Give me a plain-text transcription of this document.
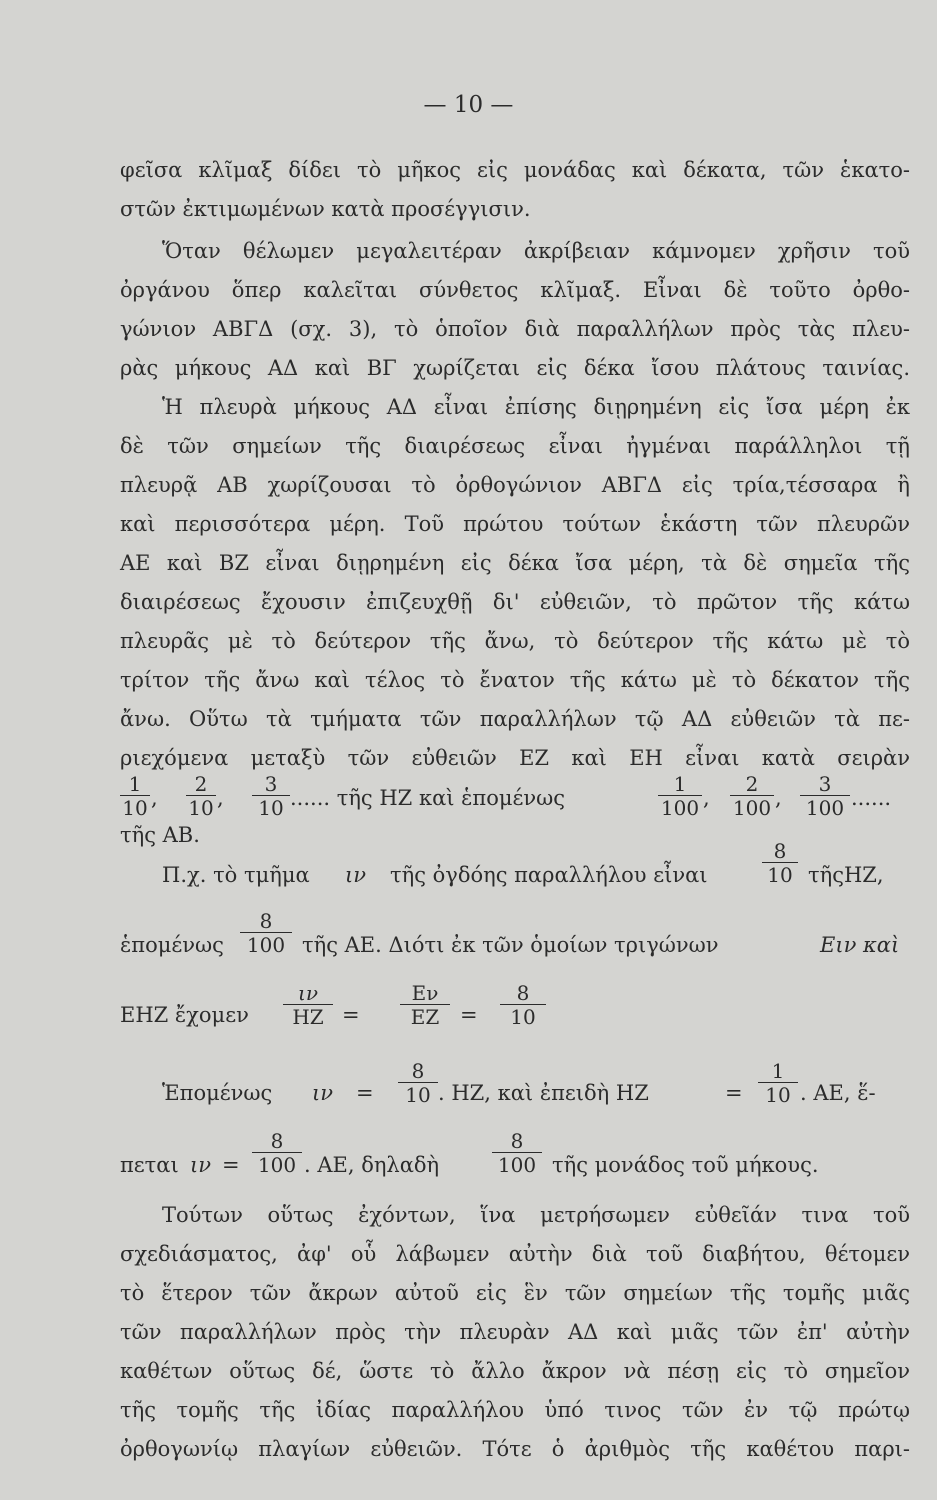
— 10 —
φεῖσα κλῖμαξ δίδει τὸ μῆκος εἰς μονάδας καὶ δέκατα, τῶν ἑκατο-
στῶν ἐκτιμωμένων κατὰ προσέγγισιν.
Ὅταν θέλωμεν μεγαλειτέραν ἀκρίβειαν κάμνομεν χρῆσιν τοῦ
ὀργάνου ὅπερ καλεῖται σύνθετος κλῖμαξ. Εἶναι δὲ τοῦτο ὀρθο-
γώνιον ΑΒΓΔ (σχ. 3), τὸ ὁποῖον διὰ παραλλήλων πρὸς τὰς πλευ-
ρὰς μήκους ΑΔ καὶ ΒΓ χωρίζεται εἰς δέκα ἴσου πλάτους ταινίας.
Ἡ πλευρὰ μήκους ΑΔ εἶναι ἐπίσης διῃρημένη εἰς ἴσα μέρη ἐκ
δὲ τῶν σημείων τῆς διαιρέσεως εἶναι ἠγμέναι παράλληλοι τῇ
πλευρᾷ ΑΒ χωρίζουσαι τὸ ὀρθογώνιον ΑΒΓΔ εἰς τρία,τέσσαρα ἢ
καὶ περισσότερα μέρη. Τοῦ πρώτου τούτων ἑκάστη τῶν πλευρῶν
ΑΕ καὶ ΒΖ εἶναι διῃρημένη εἰς δέκα ἴσα μέρη, τὰ δὲ σημεῖα τῆς
διαιρέσεως ἔχουσιν ἐπιζευχθῇ δι' εὐθειῶν, τὸ πρῶτον τῆς κάτω
πλευρᾶς μὲ τὸ δεύτερον τῆς ἄνω, τὸ δεύτερον τῆς κάτω μὲ τὸ
τρίτον τῆς ἄνω καὶ τέλος τὸ ἔνατον τῆς κάτω μὲ τὸ δέκατον τῆς
ἄνω. Οὕτω τὰ τμήματα τῶν παραλλήλων τῷ ΑΔ εὐθειῶν τὰ πε-
ριεχόμενα μεταξὺ τῶν εὐθειῶν ΕΖ καὶ ΕΗ εἶναι κατὰ σειρὰν
1
10 ,
2
10 ,
3
10 ...... τῆς ΗΖ καὶ ἑπομένως
1
100 ,
2
100 ,
3
100 ......
τῆς ΑΒ.
Π.χ. τὸ τμῆμα ιν τῆς ὀγδόης παραλλήλου εἶναι
8
10 τῆςΗΖ,
ἑπομένως
8
100 τῆς ΑΕ. Διότι ἐκ τῶν ὁμοίων τριγώνων	Ειν καὶ
ΕΗΖ ἔχομεν
ιν
ΗΖ =
Εν
ΕΖ =
8
10
Ἑπομένως ιν =
8
10 . ΗΖ, καὶ ἐπειδὴ ΗΖ	=
1
10 . ΑΕ, ἕ-
πεται ιν =
8
100 . ΑΕ, δηλαδὴ
8
100 τῆς μονάδος τοῦ μήκους.
Τούτων οὕτως ἐχόντων, ἵνα μετρήσωμεν εὐθεῖάν τινα τοῦ
σχεδιάσματος, ἀφ' οὗ λάβωμεν αὐτὴν διὰ τοῦ διαβήτου, θέτομεν
τὸ ἕτερον τῶν ἄκρων αὐτοῦ εἰς ἓν τῶν σημείων τῆς τομῆς μιᾶς
τῶν παραλλήλων πρὸς τὴν πλευρὰν ΑΔ καὶ μιᾶς τῶν ἐπ' αὐτὴν
καθέτων οὕτως δέ, ὥστε τὸ ἄλλο ἄκρον νὰ πέσῃ εἰς τὸ σημεῖον
τῆς τομῆς τῆς ἰδίας παραλλήλου ὑπό τινος τῶν ἐν τῷ πρώτῳ
ὀρθογωνίῳ πλαγίων εὐθειῶν. Τότε ὁ ἀριθμὸς τῆς καθέτου παρι-
